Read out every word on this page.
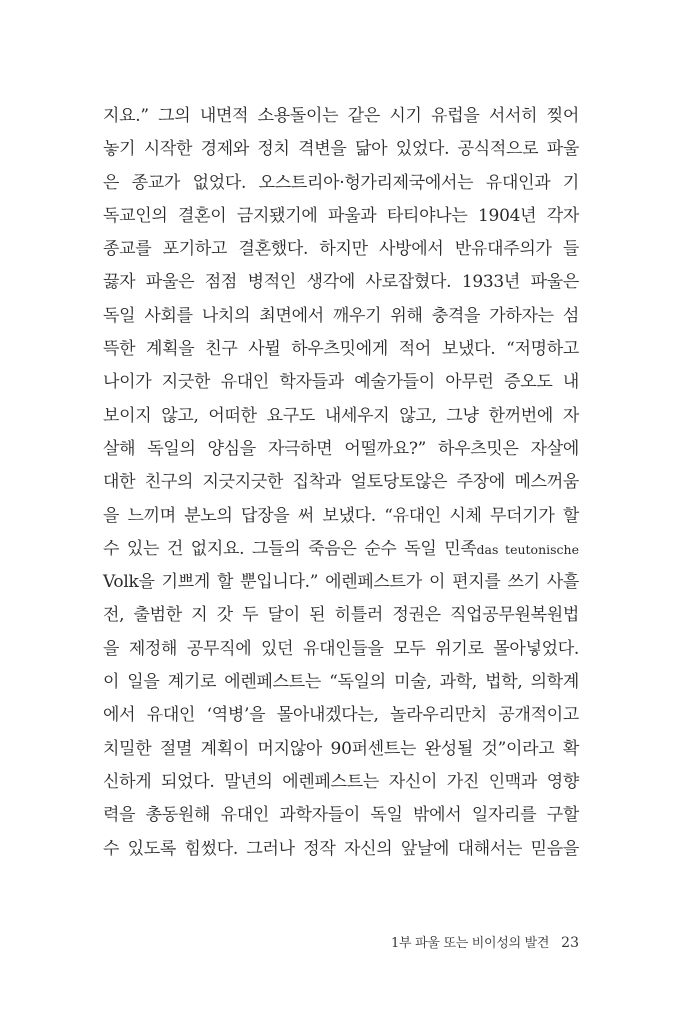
지요.” 그의 내면적 소용돌이는 같은 시기 유럽을 서서히 찢어
놓기 시작한 경제와 정치 격변을 닮아 있었다. 공식적으로 파울
은 종교가 없었다. 오스트리아·헝가리제국에서는 유대인과 기
독교인의 결혼이 금지됐기에 파울과 타티야나는 1904년 각자
종교를 포기하고 결혼했다. 하지만 사방에서 반유대주의가 들
끓자 파울은 점점 병적인 생각에 사로잡혔다. 1933년 파울은
독일 사회를 나치의 최면에서 깨우기 위해 충격을 가하자는 섬
뜩한 계획을 친구 사뮐 하우츠밋에게 적어 보냈다. “저명하고
나이가 지긋한 유대인 학자들과 예술가들이 아무런 증오도 내
보이지 않고, 어떠한 요구도 내세우지 않고, 그냥 한꺼번에 자
살해 독일의 양심을 자극하면 어떨까요?” 하우츠밋은 자살에
대한 친구의 지긋지긋한 집착과 얼토당토않은 주장에 메스꺼움
을 느끼며 분노의 답장을 써 보냈다. “유대인 시체 무더기가 할
수 있는 건 없지요. 그들의 죽음은 순수 독일 민족das teutonische
Volk을 기쁘게 할 뿐입니다.” 에렌페스트가 이 편지를 쓰기 사흘
전, 출범한 지 갓 두 달이 된 히틀러 정권은 직업공무원복원법
을 제정해 공무직에 있던 유대인들을 모두 위기로 몰아넣었다.
이 일을 계기로 에렌페스트는 “독일의 미술, 과학, 법학, 의학계
에서 유대인 ‘역병’을 몰아내겠다는, 놀라우리만치 공개적이고
치밀한 절멸 계획이 머지않아 90퍼센트는 완성될 것”이라고 확
신하게 되었다. 말년의 에렌페스트는 자신이 가진 인맥과 영향
력을 총동원해 유대인 과학자들이 독일 밖에서 일자리를 구할
수 있도록 힘썼다. 그러나 정작 자신의 앞날에 대해서는 믿음을
1부 파울 또는 비이성의 발견 23
